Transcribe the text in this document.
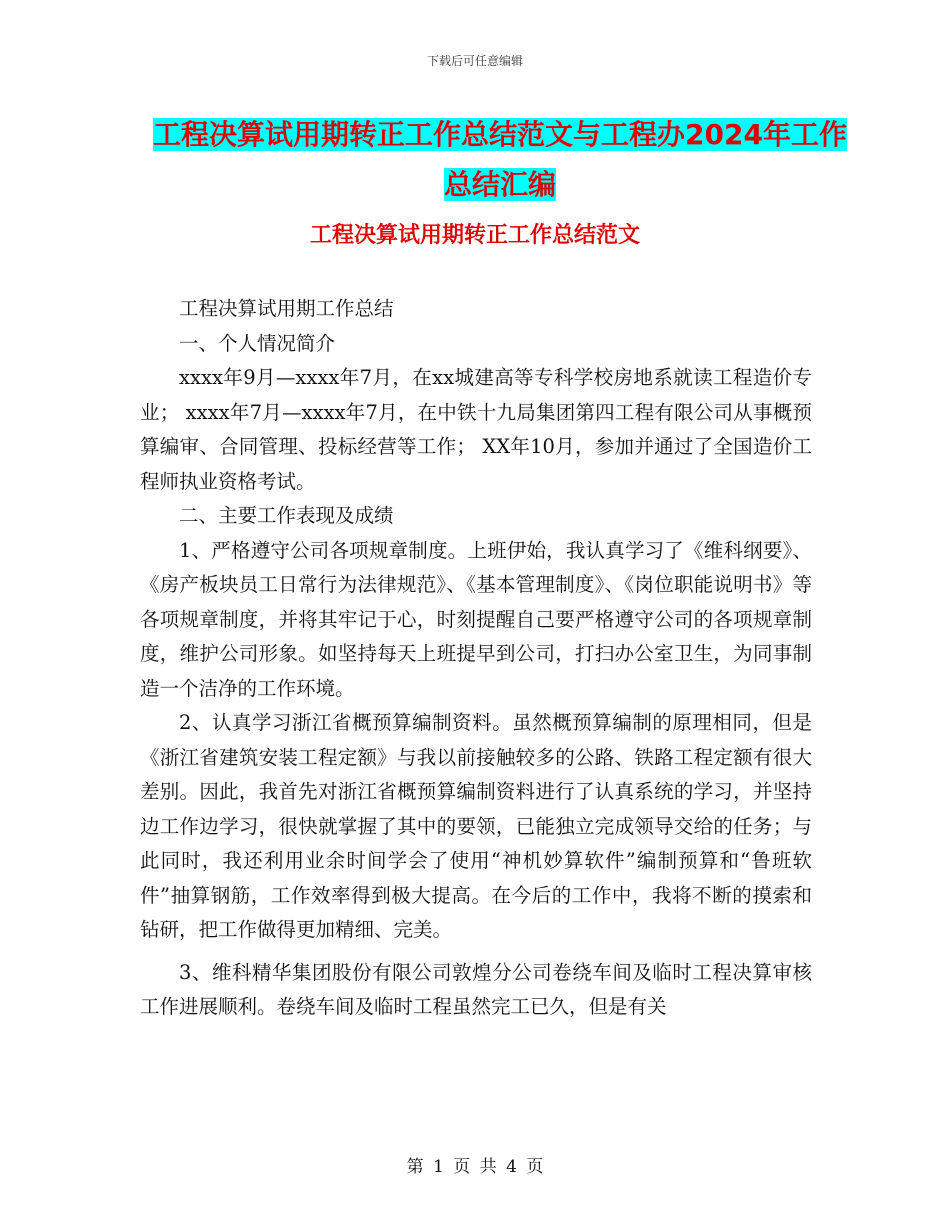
下载后可任意编辑
工程决算试用期转正工作总结范文与工程办2024年工作总结汇编
工程决算试用期转正工作总结范文

工程决算试用期工作总结

一、个人情况简介

xxxx年9月—xxxx年7月，在xx城建高等专科学校房地系就读工程造价专业； xxxx年7月—xxxx年7月，在中铁十九局集团第四工程有限公司从事概预算编审、合同管理、投标经营等工作； XX年10月，参加并通过了全国造价工程师执业资格考试。

二、主要工作表现及成绩

1、严格遵守公司各项规章制度。上班伊始，我认真学习了《维科纲要》、《房产板块员工日常行为法律规范》、《基本管理制度》、《岗位职能说明书》等各项规章制度，并将其牢记于心，时刻提醒自己要严格遵守公司的各项规章制度，维护公司形象。如坚持每天上班提早到公司，打扫办公室卫生，为同事制造一个洁净的工作环境。

2、认真学习浙江省概预算编制资料。虽然概预算编制的原理相同，但是《浙江省建筑安装工程定额》与我以前接触较多的公路、铁路工程定额有很大差别。因此，我首先对浙江省概预算编制资料进行了认真系统的学习，并坚持边工作边学习，很快就掌握了其中的要领，已能独立完成领导交给的任务；与此同时，我还利用业余时间学会了使用“神机妙算软件”编制预算和“鲁班软件”抽算钢筋，工作效率得到极大提高。在今后的工作中，我将不断的摸索和钻研，把工作做得更加精细、完美。

3、维科精华集团股份有限公司敦煌分公司卷绕车间及临时工程决算审核工作进展顺利。卷绕车间及临时工程虽然完工已久，但是有关

第 1 页 共 4 页
